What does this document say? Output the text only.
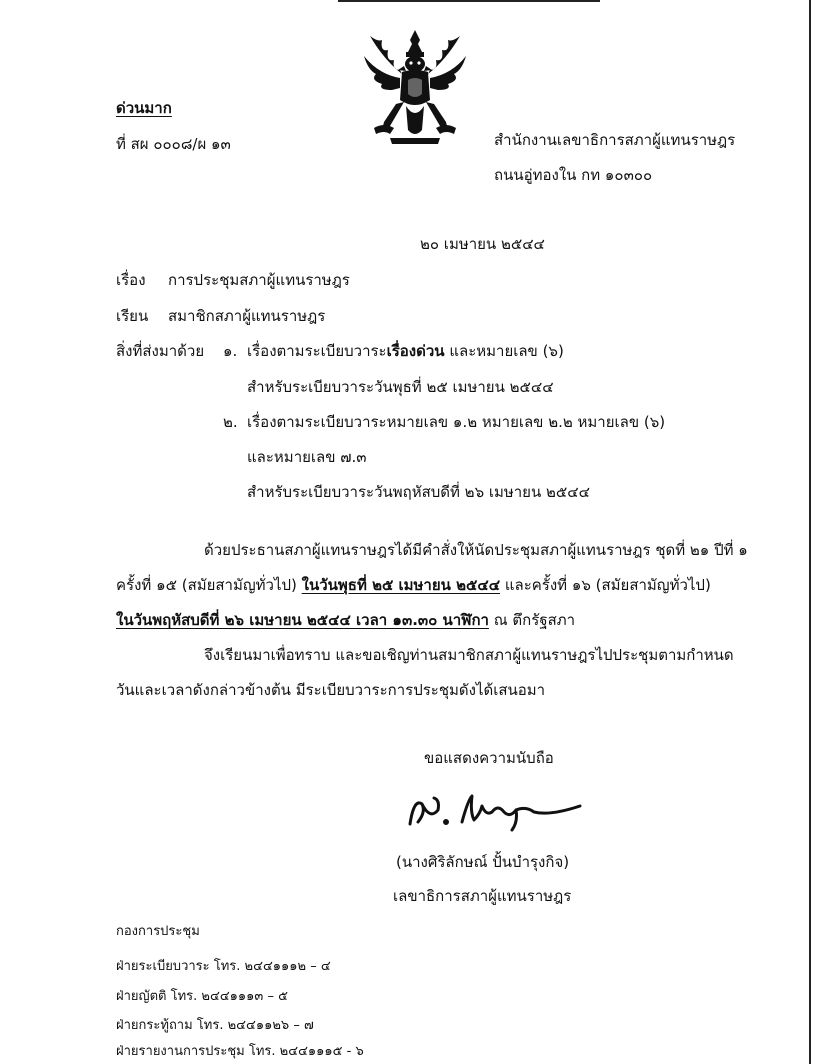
ด่วนมาก
ที่ สผ ๐๐๐๘/ผ ๑๓	สำนักงานเลขาธิการสภาผู้แทนราษฎร
ถนนอู่ทองใน กท ๑๐๓๐๐
๒๐ เมษายน ๒๕๔๔
เรื่อง การประชุมสภาผู้แทนราษฎร
เรียน สมาชิกสภาผู้แทนราษฎร
สิ่งที่ส่งมาด้วย ๑. เรื่องตามระเบียบวาระเรื่องด่วน และหมายเลข (๖)
สำหรับระเบียบวาระวันพุธที่ ๒๕ เมษายน ๒๕๔๔
๒. เรื่องตามระเบียบวาระหมายเลข ๑.๒ หมายเลข ๒.๒ หมายเลข (๖)
และหมายเลข ๗.๓
สำหรับระเบียบวาระวันพฤหัสบดีที่ ๒๖ เมษายน ๒๕๔๔
ด้วยประธานสภาผู้แทนราษฎรได้มีคำสั่งให้นัดประชุมสภาผู้แทนราษฎร ชุดที่ ๒๑ ปีที่ ๑
ครั้งที่ ๑๕ (สมัยสามัญทั่วไป) ในวันพุธที่ ๒๕ เมษายน ๒๕๔๔ และครั้งที่ ๑๖ (สมัยสามัญทั่วไป)
ในวันพฤหัสบดีที่ ๒๖ เมษายน ๒๕๔๔ เวลา ๑๓.๓๐ นาฬิกา ณ ตึกรัฐสภา
จึงเรียนมาเพื่อทราบ และขอเชิญท่านสมาชิกสภาผู้แทนราษฎรไปประชุมตามกำหนด
วันและเวลาดังกล่าวข้างต้น มีระเบียบวาระการประชุมดังได้เสนอมา
ขอแสดงความนับถือ
(นางศิริลักษณ์ ปั้นบำรุงกิจ)
เลขาธิการสภาผู้แทนราษฎร
กองการประชุม
ฝ่ายระเบียบวาระ โทร. ๒๔๔๑๑๑๒ – ๔
ฝ่ายญัตติ โทร. ๒๔๔๑๑๑๓ – ๕
ฝ่ายกระทู้ถาม โทร. ๒๔๔๑๑๒๖ – ๗
ฝ่ายรายงานการประชุม โทร. ๒๔๔๑๑๑๕ - ๖
